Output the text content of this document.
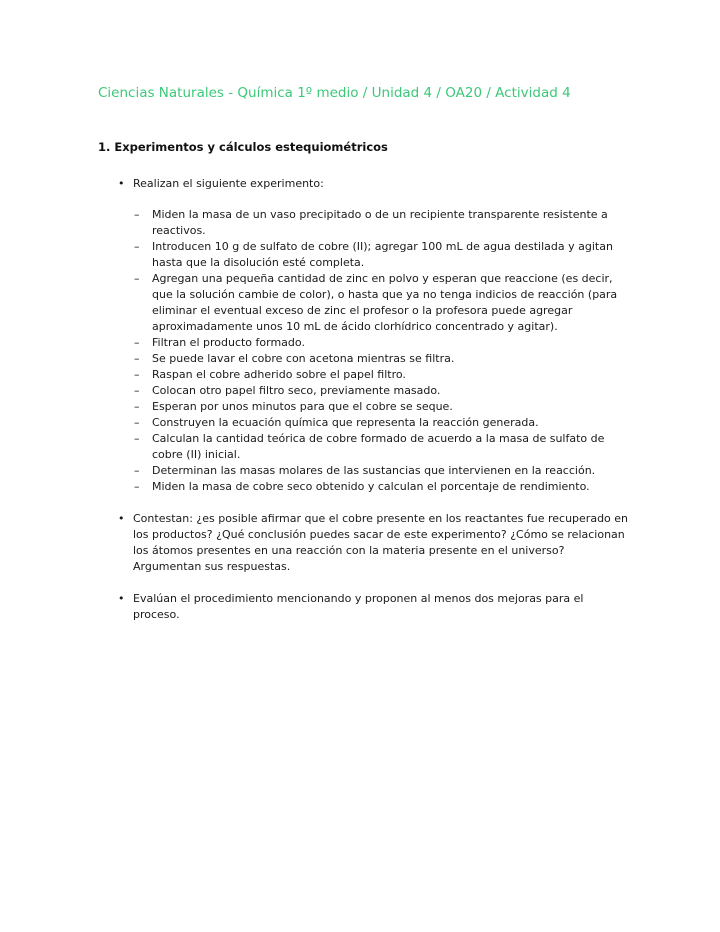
Ciencias Naturales - Química 1º medio / Unidad 4 / OA20 / Actividad 4
1. Experimentos y cálculos estequiométricos
• Realizan el siguiente experimento:
– Miden la masa de un vaso precipitado o de un recipiente transparente resistente a reactivos.
– Introducen 10 g de sulfato de cobre (II); agregar 100 mL de agua destilada y agitan hasta que la disolución esté completa.
– Agregan una pequeña cantidad de zinc en polvo y esperan que reaccione (es decir, que la solución cambie de color), o hasta que ya no tenga indicios de reacción (para eliminar el eventual exceso de zinc el profesor o la profesora puede agregar aproximadamente unos 10 mL de ácido clorhídrico concentrado y agitar).
– Filtran el producto formado.
– Se puede lavar el cobre con acetona mientras se filtra.
– Raspan el cobre adherido sobre el papel filtro.
– Colocan otro papel filtro seco, previamente masado.
– Esperan por unos minutos para que el cobre se seque.
– Construyen la ecuación química que representa la reacción generada.
– Calculan la cantidad teórica de cobre formado de acuerdo a la masa de sulfato de cobre (II) inicial.
– Determinan las masas molares de las sustancias que intervienen en la reacción.
– Miden la masa de cobre seco obtenido y calculan el porcentaje de rendimiento.
• Contestan: ¿es posible afirmar que el cobre presente en los reactantes fue recuperado en los productos? ¿Qué conclusión puedes sacar de este experimento? ¿Cómo se relacionan los átomos presentes en una reacción con la materia presente en el universo? Argumentan sus respuestas.
• Evalúan el procedimiento mencionando y proponen al menos dos mejoras para el proceso.
